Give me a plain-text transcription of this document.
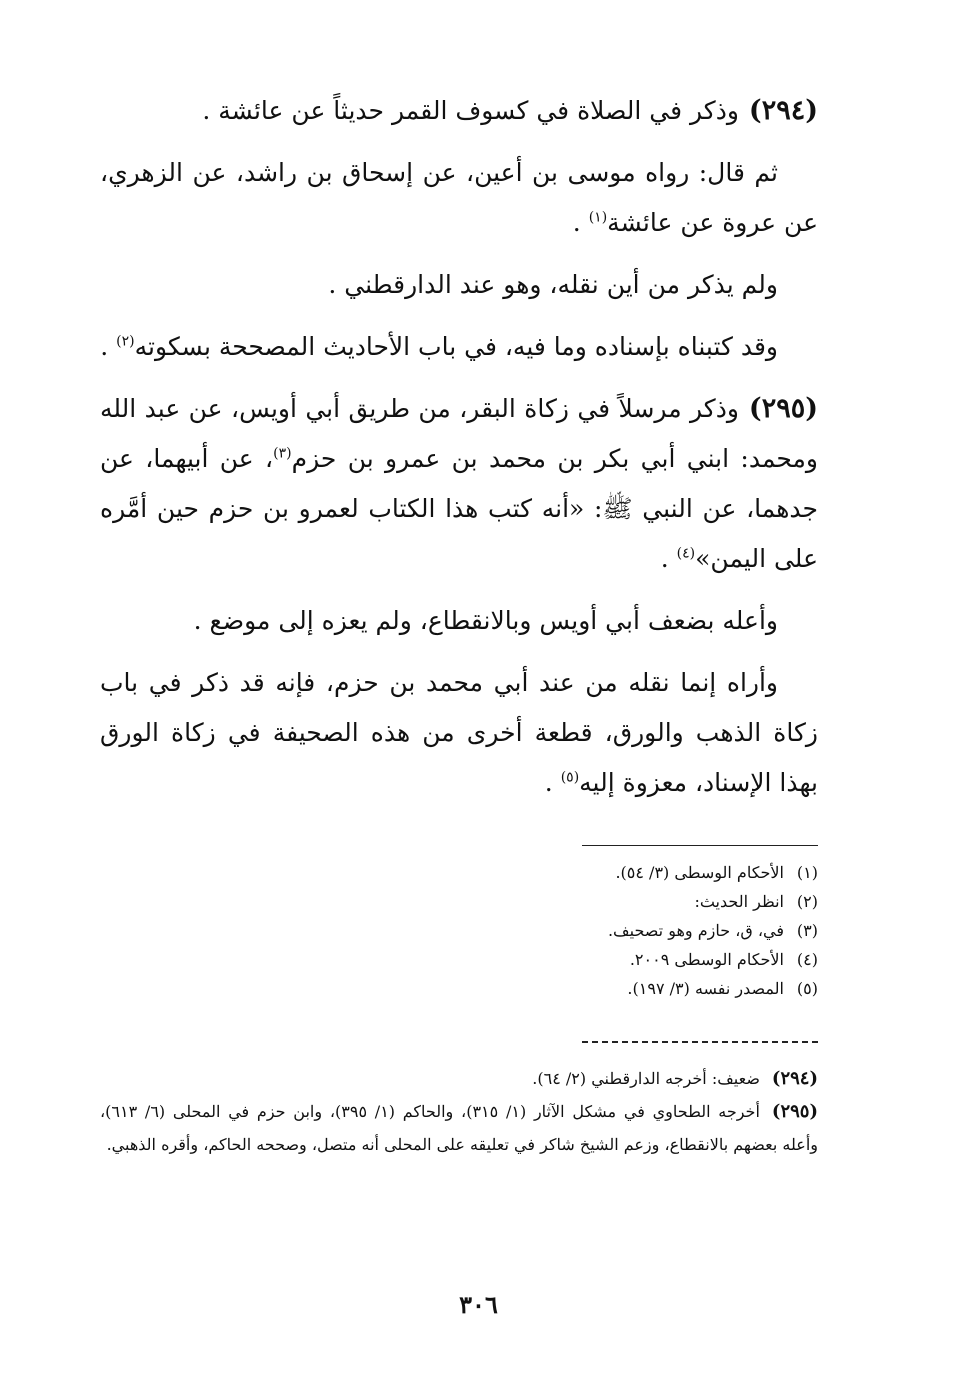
(٢٩٤)وذكر في الصلاة في كسوف القمر حديثاً عن عائشة .

ثم قال: رواه موسى بن أعين، عن إسحاق بن راشد، عن الزهري، عن عروة عن عائشة$^{(١)}$ .

ولم يذكر من أين نقله، وهو عند الدارقطني .

وقد كتبناه بإسناده وما فيه، في باب الأحاديث المصححة بسكوته$^{(٢)}$ .

(٢٩٥)وذكر مرسلاً في زكاة البقر، من طريق أبي أويس، عن عبد الله ومحمد: ابني أبي بكر بن محمد بن عمرو بن حزم$^{(٣)}$، عن أبيهما، عن جدهما، عن النبي ﷺ: «أنه كتب هذا الكتاب لعمرو بن حزم حين أمَّره على اليمن»$^{(٤)}$ .

وأعله بضعف أبي أويس وبالانقطاع، ولم يعزه إلى موضع .

وأراه إنما نقله من عند أبي محمد بن حزم، فإنه قد ذكر في باب زكاة الذهب والورق، قطعة أخرى من هذه الصحيفة في زكاة الورق بهذا الإسناد، معزوة إليه$^{(٥)}$ .

(١)الأحكام الوسطى (٣/ ٥٤).
(٢)انظر الحديث:
(٣)في، ق، حازم وهو تصحيف.
(٤)الأحكام الوسطى ٢٠٠٩.
(٥)المصدر نفسه (٣/ ١٩٧).
(٢٩٤)ضعيف: أخرجه الدارقطني (٢/ ٦٤).
(٢٩٥)أخرجه الطحاوي في مشكل الآثار (١/ ٣١٥)، والحاكم (١/ ٣٩٥)، وابن حزم في المحلى (٦/ ٦١٣)، وأعله بعضهم بالانقطاع، وزعم الشيخ شاكر في تعليقه على المحلى أنه متصل، وصححه الحاكم، وأقره الذهبي.
٣٠٦
